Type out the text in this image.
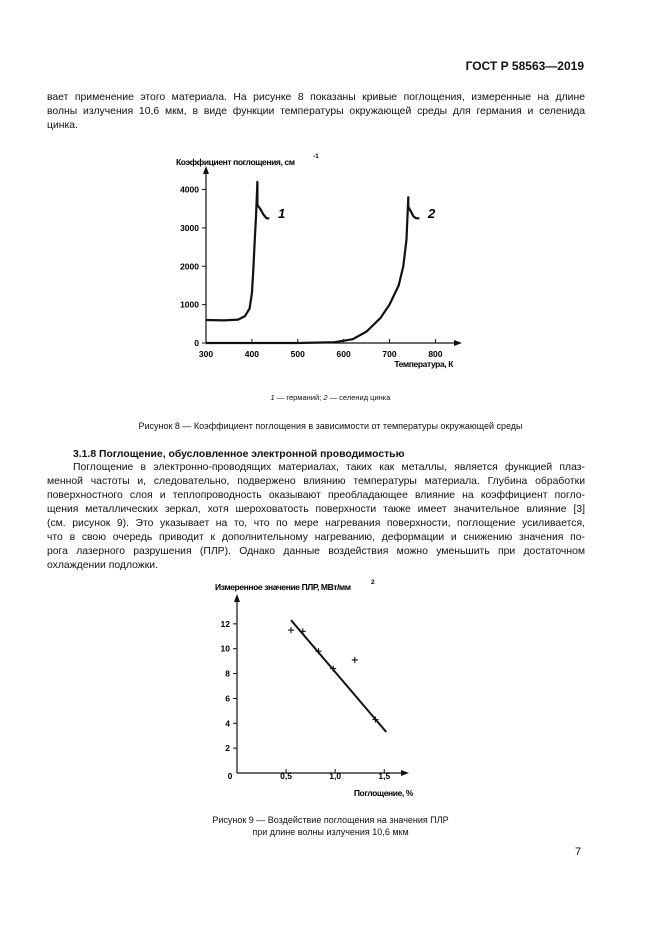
ГОСТ Р 58563—2019

вает применение этого материала. На рисунке 8 показаны кривые поглощения, измеренные на длине
волны излучения 10,6 мкм, в виде функции температуры окружающей среды для германия и селенида
цинка.

300	400	500	600	700	800
0
1000
2000
3000
4000
Коэффициент поглощения, см
-1
Температура, К
1	2
1 — германий; 2 — селенид цинка
Рисунок 8 — Коэффициент поглощения в зависимости от температуры окружающей среды
3.1.8 Поглощение, обусловленное электронной проводимостью

Поглощение в электронно-проводящих материалах, таких как металлы, является функцией плаз-
менной частоты и, следовательно, подвержено влиянию температуры материала. Глубина обработки
поверхностного слоя и теплопроводность оказывают преобладающее влияние на коэффициент погло-
щения металлических зеркал, хотя шероховатость поверхности также имеет значительное влияние [3]
(см. рисунок 9). Это указывает на то, что по мере нагревания поверхности, поглощение усиливается,
что в свою очередь приводит к дополнительному нагреванию, деформации и снижению значения по-
рога лазерного разрушения (ПЛР). Однако данные воздействия можно уменьшить при достаточном
охлаждении подложки.

0	0,5	1,0	1,5
2
4
6
8
10
12
Измеренное значение ПЛР, МВт/мм	2
Поглощение, %
Рисунок 9 — Воздействие поглощения на значения ПЛР
при длине волны излучения 10,6 мкм
7
